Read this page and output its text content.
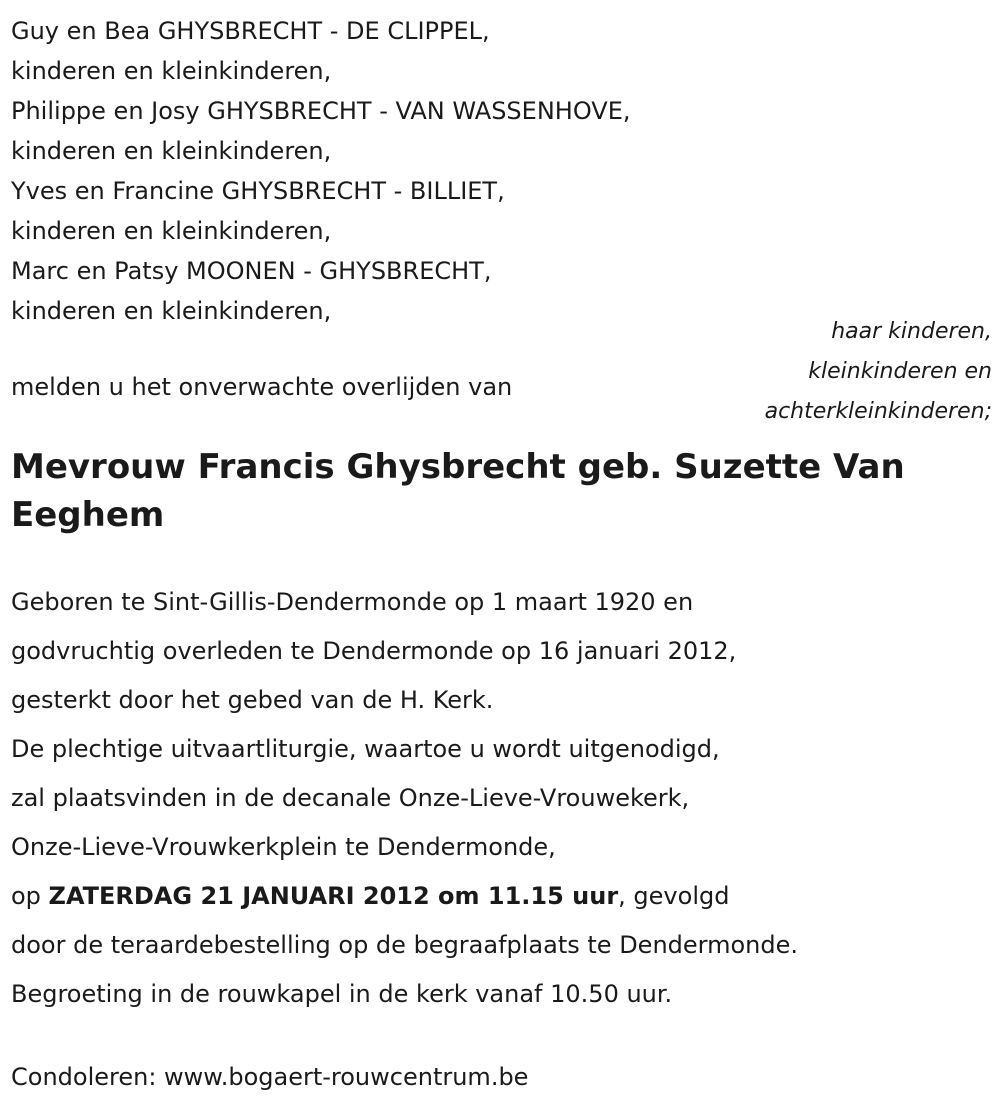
Guy en Bea GHYSBRECHT - DE CLIPPEL,
kinderen en kleinkinderen,
Philippe en Josy GHYSBRECHT - VAN WASSENHOVE,
kinderen en kleinkinderen,
Yves en Francine GHYSBRECHT - BILLIET,
kinderen en kleinkinderen,
Marc en Patsy MOONEN - GHYSBRECHT,
kinderen en kleinkinderen,
haar kinderen,
kleinkinderen en
achterkleinkinderen;
melden u het onverwachte overlijden van
Mevrouw Francis Ghysbrecht geb. Suzette Van Eeghem
Geboren te Sint-Gillis-Dendermonde op 1 maart 1920 en
godvruchtig overleden te Dendermonde op 16 januari 2012,
gesterkt door het gebed van de H. Kerk.
De plechtige uitvaartliturgie, waartoe u wordt uitgenodigd,
zal plaatsvinden in de decanale Onze-Lieve-Vrouwekerk,
Onze-Lieve-Vrouwkerkplein te Dendermonde,
op ZATERDAG 21 JANUARI 2012 om 11.15 uur, gevolgd
door de teraardebestelling op de begraafplaats te Dendermonde.
Begroeting in de rouwkapel in de kerk vanaf 10.50 uur.
Condoleren: www.bogaert-rouwcentrum.be
